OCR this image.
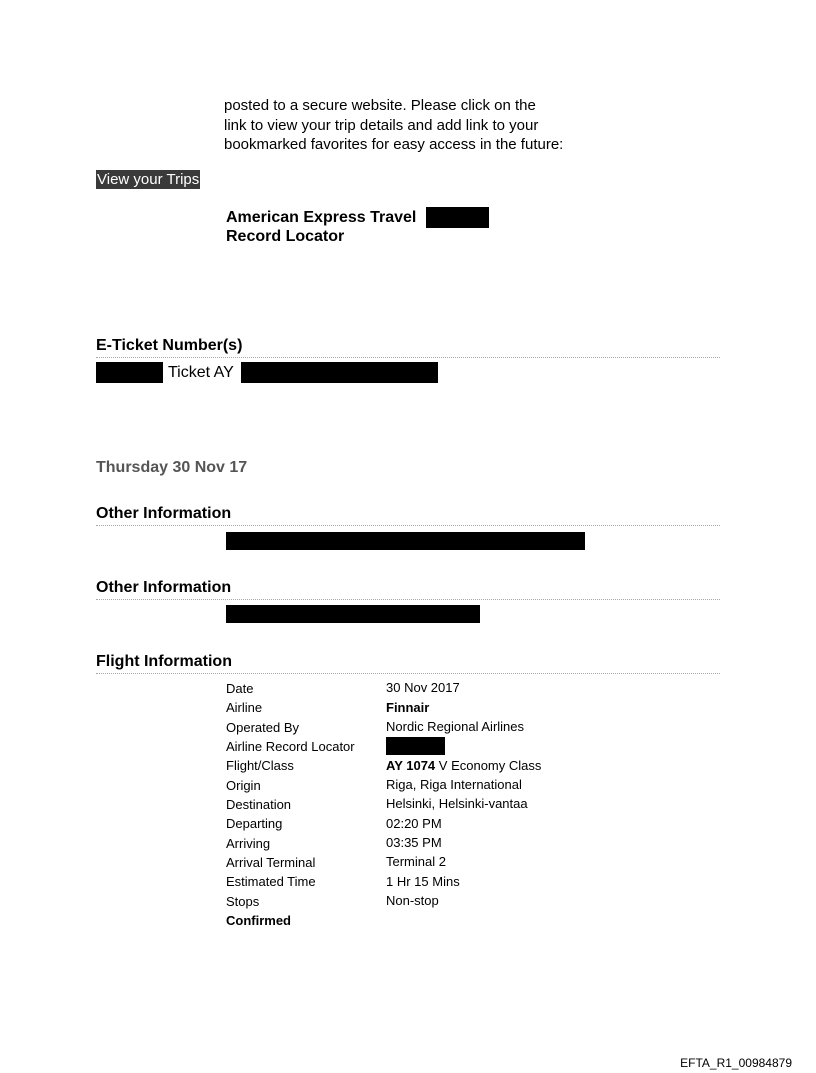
posted to a secure website. Please click on the
link to view your trip details and add link to your
bookmarked favorites for easy access in the future:
View your Trips
American Express Travel
Record Locator
E-Ticket Number(s)
Ticket AY
Thursday 30 Nov 17
Other Information
Other Information
Flight Information
Date	30 Nov 2017
Airline	Finnair
Operated By	Nordic Regional Airlines
Airline Record Locator
Flight/Class	AY 1074 V Economy Class
Origin	Riga, Riga International
Destination	Helsinki, Helsinki-vantaa
Departing	02:20 PM
Arriving	03:35 PM
Arrival Terminal	Terminal 2
Estimated Time	1 Hr 15 Mins
Stops	Non-stop
Confirmed
EFTA_R1_00984879
